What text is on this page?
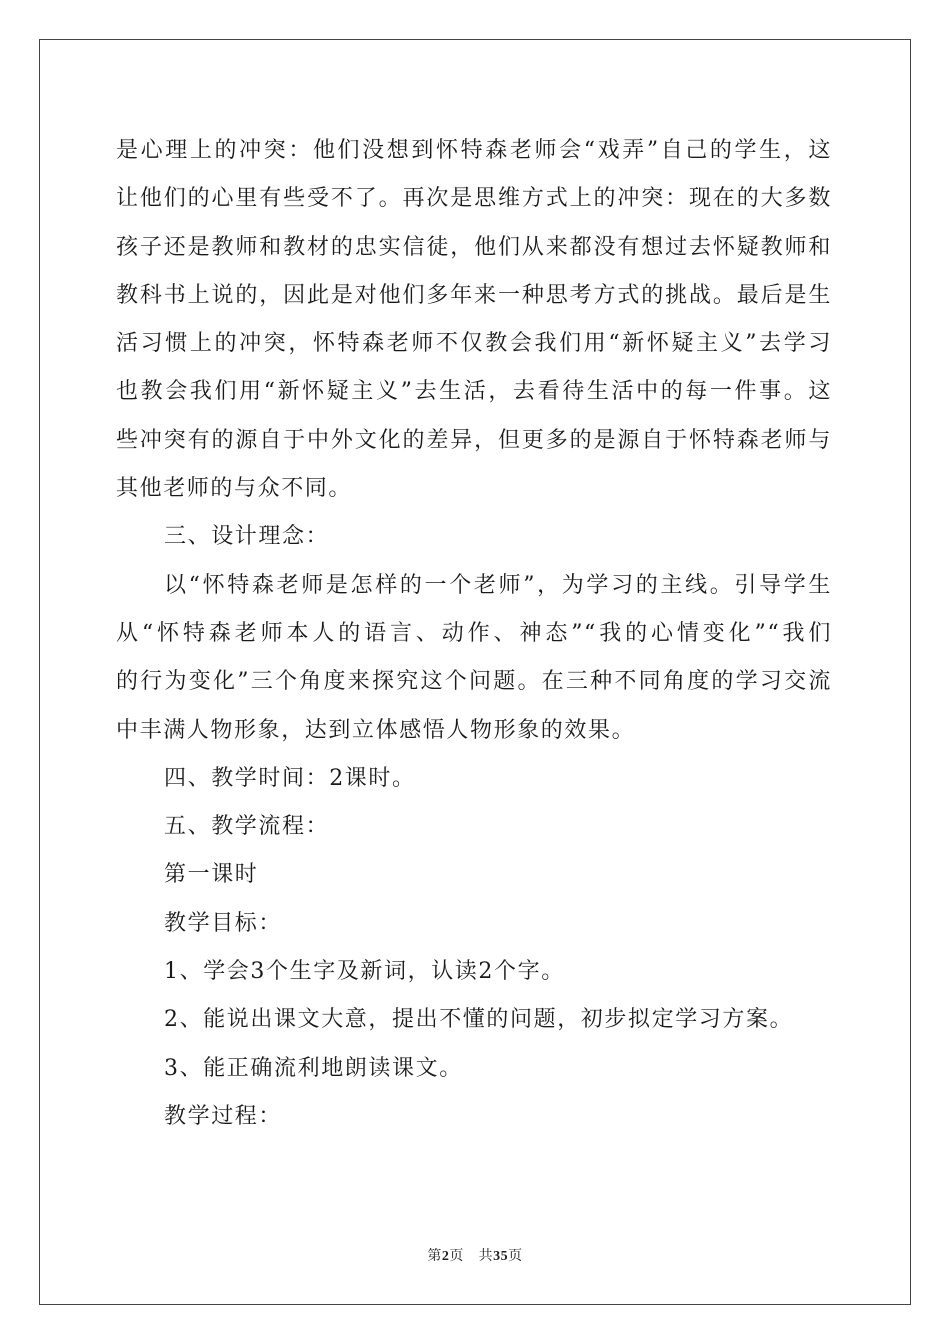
是心理上的冲突：他们没想到怀特森老师会“戏弄”自己的学生，这
让他们的心里有些受不了。再次是思维方式上的冲突：现在的大多数
孩子还是教师和教材的忠实信徒，他们从来都没有想过去怀疑教师和
教科书上说的，因此是对他们多年来一种思考方式的挑战。最后是生
活习惯上的冲突，怀特森老师不仅教会我们用“新怀疑主义”去学习
也教会我们用“新怀疑主义”去生活，去看待生活中的每一件事。这
些冲突有的源自于中外文化的差异，但更多的是源自于怀特森老师与
其他老师的与众不同。
三、设计理念：
以“怀特森老师是怎样的一个老师”，为学习的主线。引导学生
从“怀特森老师本人的语言、动作、神态”“我的心情变化”“我们
的行为变化”三个角度来探究这个问题。在三种不同角度的学习交流
中丰满人物形象，达到立体感悟人物形象的效果。
四、教学时间：2课时。
五、教学流程：
第一课时
教学目标：
1、学会3个生字及新词，认读2个字。
2、能说出课文大意，提出不懂的问题，初步拟定学习方案。
3、能正确流利地朗读课文。
教学过程：
第2页   共35页
